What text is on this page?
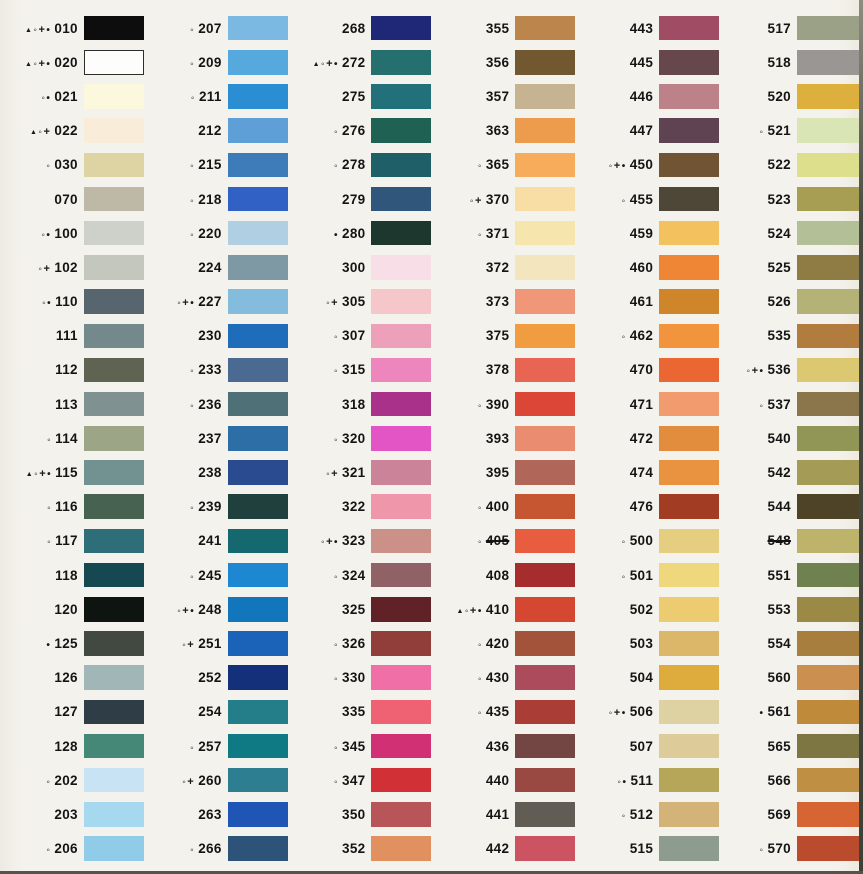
▲◦+• 010
▲◦+• 020
◦• 021
▲◦+ 022
◦ 030
070
◦• 100
◦+ 102
◦• 110
111
112
113
◦ 114
▲◦+• 115
◦ 116
◦ 117
118
120
• 125
126
127
128
◦ 202
203
◦ 206
◦ 207
◦ 209
◦ 211
212
◦ 215
◦ 218
◦ 220
224
◦+• 227
230
◦ 233
◦ 236
237
238
◦ 239
241
◦ 245
◦+• 248
◦+ 251
252
254
◦ 257
◦+ 260
263
◦ 266
268
▲◦+• 272
275
◦ 276
◦ 278
279
• 280
300
◦+ 305
◦ 307
◦ 315
318
◦ 320
◦+ 321
322
◦+• 323
◦ 324
325
◦ 326
◦ 330
335
◦ 345
◦ 347
350
352
355
356
357
363
◦ 365
◦+ 370
◦ 371
372
373
375
378
◦ 390
393
395
◦ 400
◦ 405
408
▲◦+• 410
◦ 420
◦ 430
◦ 435
436
440
441
442
443
445
446
447
◦+• 450
◦ 455
459
460
461
◦ 462
470
471
472
474
476
◦ 500
◦ 501
502
503
504
◦+• 506
507
◦• 511
◦ 512
515
517
518
520
◦ 521
522
523
524
525
526
535
◦+• 536
◦ 537
540
542
544
548
551
553
554
560
• 561
565
566
569
◦ 570
